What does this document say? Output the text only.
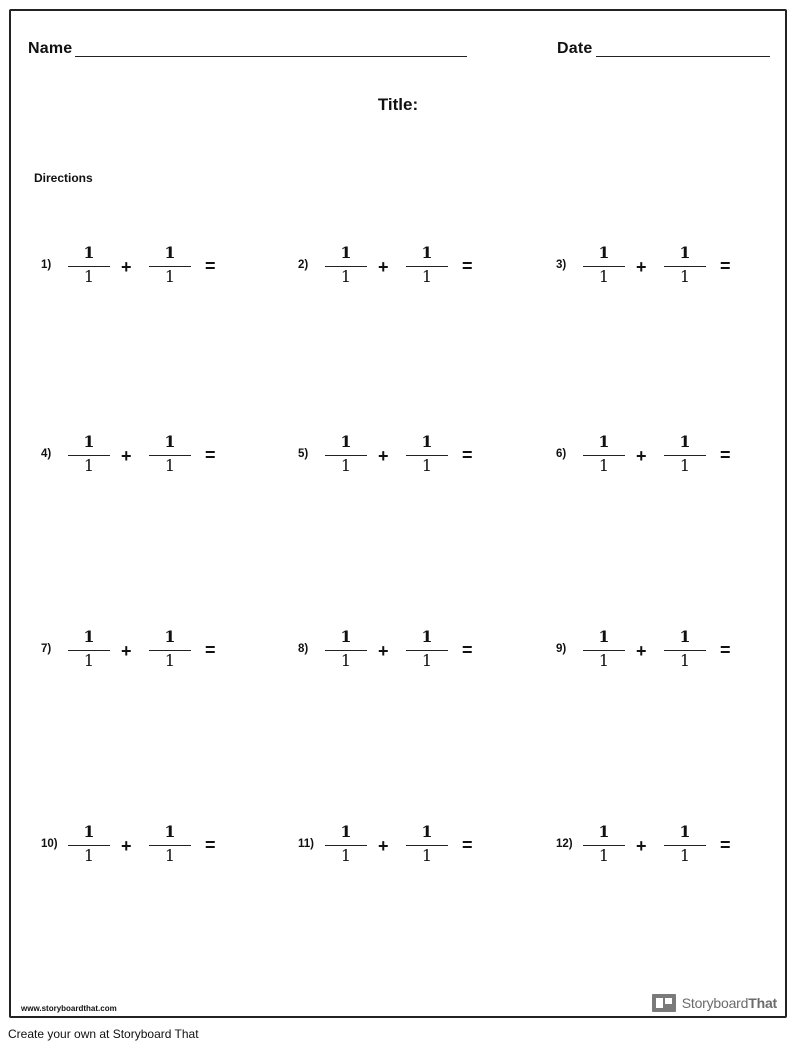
Name	Date
Title:
Directions
1)
1
1	+
1
1
=	2)
1
1	+
1
1
=	3)
1
1	+
1
1
=
4)
1
1	+
1
1
=	5)
1
1	+
1
1
=	6)
1
1	+
1
1
=
7)
1
1	+
1
1
=	8)
1
1	+
1
1
=	9)
1
1	+
1
1
=
10)
1
1	+
1
1
=	11)
1
1	+
1
1
=	12)
1
1	+
1
1
=
www.storyboardthat.com	StoryboardThat
Create your own at Storyboard That
